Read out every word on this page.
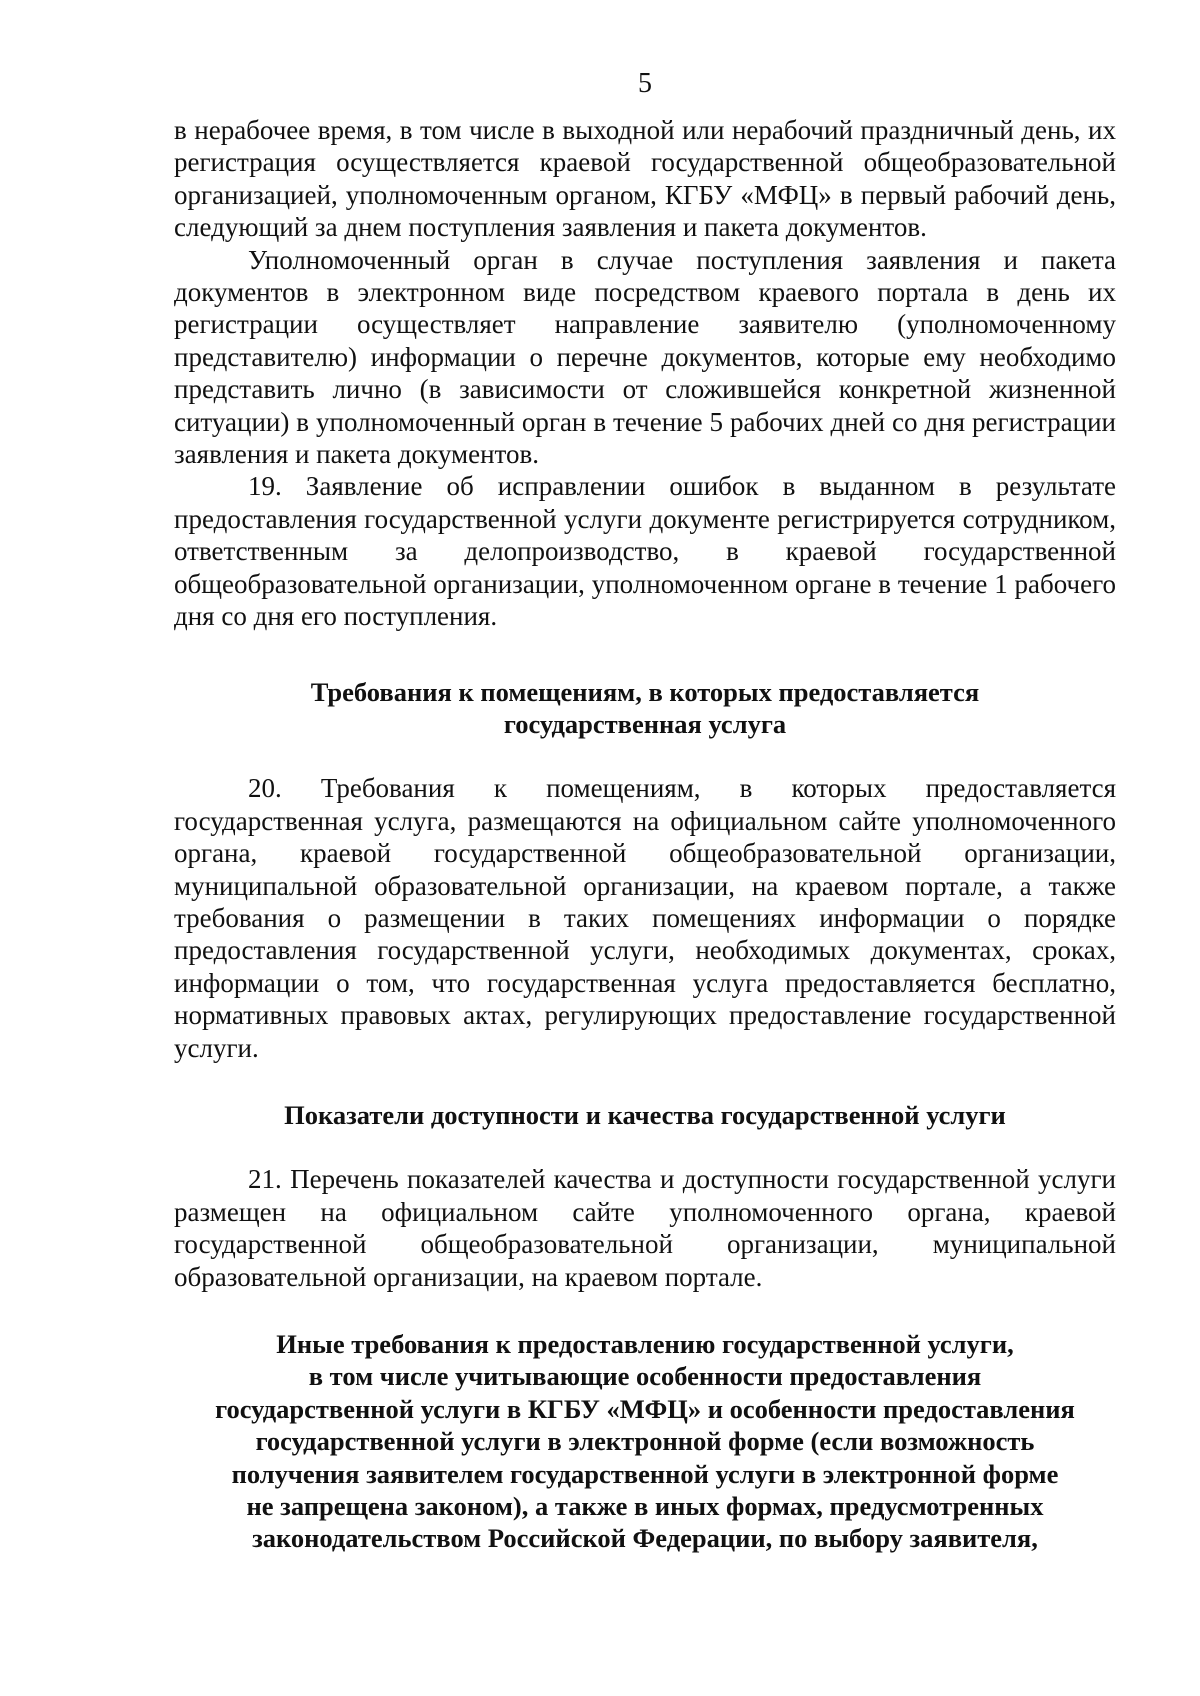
5

в нерабочее время, в том числе в выходной или нерабочий праздничный день, их регистрация осуществляется краевой государственной общеобразовательной организацией, уполномоченным органом, КГБУ «МФЦ» в первый рабочий день, следующий за днем поступления заявления и пакета документов.

Уполномоченный орган в случае поступления заявления и пакета документов в электронном виде посредством краевого портала в день их регистрации осуществляет направление заявителю (уполномоченному представителю) информации о перечне документов, которые ему необходимо представить лично (в зависимости от сложившейся конкретной жизненной ситуации) в уполномоченный орган в течение 5 рабочих дней со дня регистрации заявления и пакета документов.

19. Заявление об исправлении ошибок в выданном в результате предоставления государственной услуги документе регистрируется сотрудником, ответственным за делопроизводство, в краевой государственной общеобразовательной организации, уполномоченном органе в течение 1 рабочего дня со дня его поступления.

Требования к помещениям, в которых предоставляется
государственная услуга

20. Требования к помещениям, в которых предоставляется государственная услуга, размещаются на официальном сайте уполномоченного органа, краевой государственной общеобразовательной организации, муниципальной образовательной организации, на краевом портале, а также требования о размещении в таких помещениях информации о порядке предоставления государственной услуги, необходимых документах, сроках, информации о том, что государственная услуга предоставляется бесплатно, нормативных правовых актах, регулирующих предоставление государственной услуги.

Показатели доступности и качества государственной услуги

21. Перечень показателей качества и доступности государственной услуги размещен на официальном сайте уполномоченного органа, краевой государственной общеобразовательной организации, муниципальной образовательной организации, на краевом портале.

Иные требования к предоставлению государственной услуги,
в том числе учитывающие особенности предоставления
государственной услуги в КГБУ «МФЦ» и особенности предоставления
государственной услуги в электронной форме (если возможность
получения заявителем государственной услуги в электронной форме
не запрещена законом), а также в иных формах, предусмотренных
законодательством Российской Федерации, по выбору заявителя,
